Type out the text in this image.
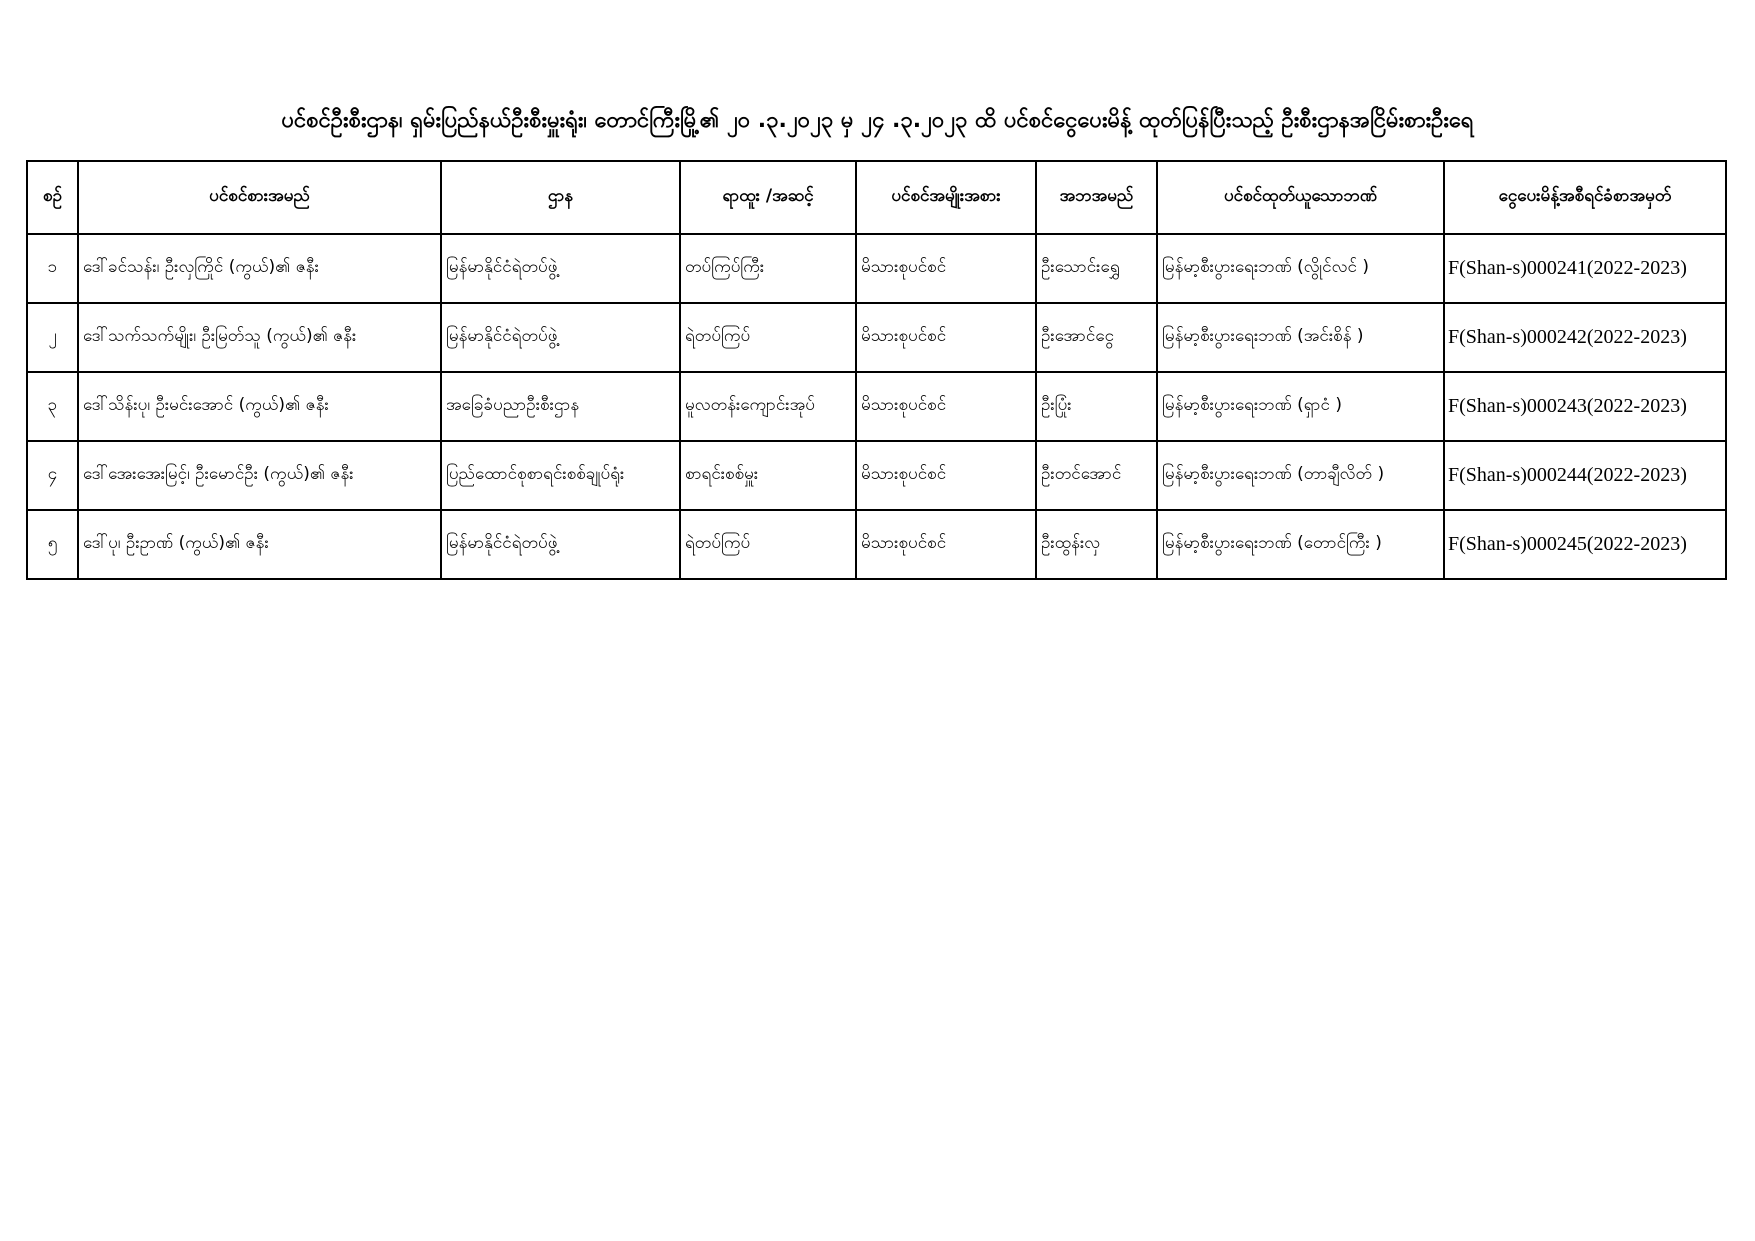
ပင်စင်ဦးစီးဌာန၊ ရှမ်းပြည်နယ်ဦးစီးမှူးရုံး၊ တောင်ကြီးမြို့၏ ၂၀ .၃.၂၀၂၃ မှ ၂၄ .၃.၂၀၂၃ ထိ ပင်စင်ငွေပေးမိန့် ထုတ်ပြန်ပြီးသည့် ဦးစီးဌာနအငြိမ်းစားဦးရေ
စဉ်	ပင်စင်စားအမည်	ဌာန	ရာထူး /အဆင့်	ပင်စင်အမျိုးအစား	အဘအမည်	ပင်စင်ထုတ်ယူသောဘဏ်	ငွေပေးမိန့်အစီရင်ခံစာအမှတ်
၁	ဒေါ်ခင်သန်း၊ ဦးလှကြိုင် (ကွယ်)၏ ဇနီး	မြန်မာနိုင်ငံရဲတပ်ဖွဲ့	တပ်ကြပ်ကြီး	မိသားစုပင်စင်	ဦးသောင်းရွှေ	မြန်မာ့စီးပွားရေးဘဏ် (လွိုင်လင် )	F(Shan-s)000241(2022-2023)
၂	ဒေါ်သက်သက်မျိုး၊ ဦးမြတ်သူ (ကွယ်)၏ ဇနီး	မြန်မာနိုင်ငံရဲတပ်ဖွဲ့	ရဲတပ်ကြပ်	မိသားစုပင်စင်	ဦးအောင်ငွေ	မြန်မာ့စီးပွားရေးဘဏ် (အင်းစိန် )	F(Shan-s)000242(2022-2023)
၃	ဒေါ်သိန်းပု၊ ဦးမင်းအောင် (ကွယ်)၏ ဇနီး	အခြေခံပညာဦးစီးဌာန	မူလတန်းကျောင်းအုပ်	မိသားစုပင်စင်	ဦးပြုံး	မြန်မာ့စီးပွားရေးဘဏ် (ရှာငံ )	F(Shan-s)000243(2022-2023)
၄	ဒေါ်အေးအေးမြင့်၊ ဦးမောင်ဦး (ကွယ်)၏ ဇနီး	ပြည်ထောင်စုစာရင်းစစ်ချုပ်ရုံး	စာရင်းစစ်မှူး	မိသားစုပင်စင်	ဦးတင်အောင်	မြန်မာ့စီးပွားရေးဘဏ် (တာချီလိတ် )	F(Shan-s)000244(2022-2023)
၅	ဒေါ်ပု၊ ဦးဥာဏ် (ကွယ်)၏ ဇနီး	မြန်မာနိုင်ငံရဲတပ်ဖွဲ့	ရဲတပ်ကြပ်	မိသားစုပင်စင်	ဦးထွန်းလှ	မြန်မာ့စီးပွားရေးဘဏ် (တောင်ကြီး )	F(Shan-s)000245(2022-2023)
